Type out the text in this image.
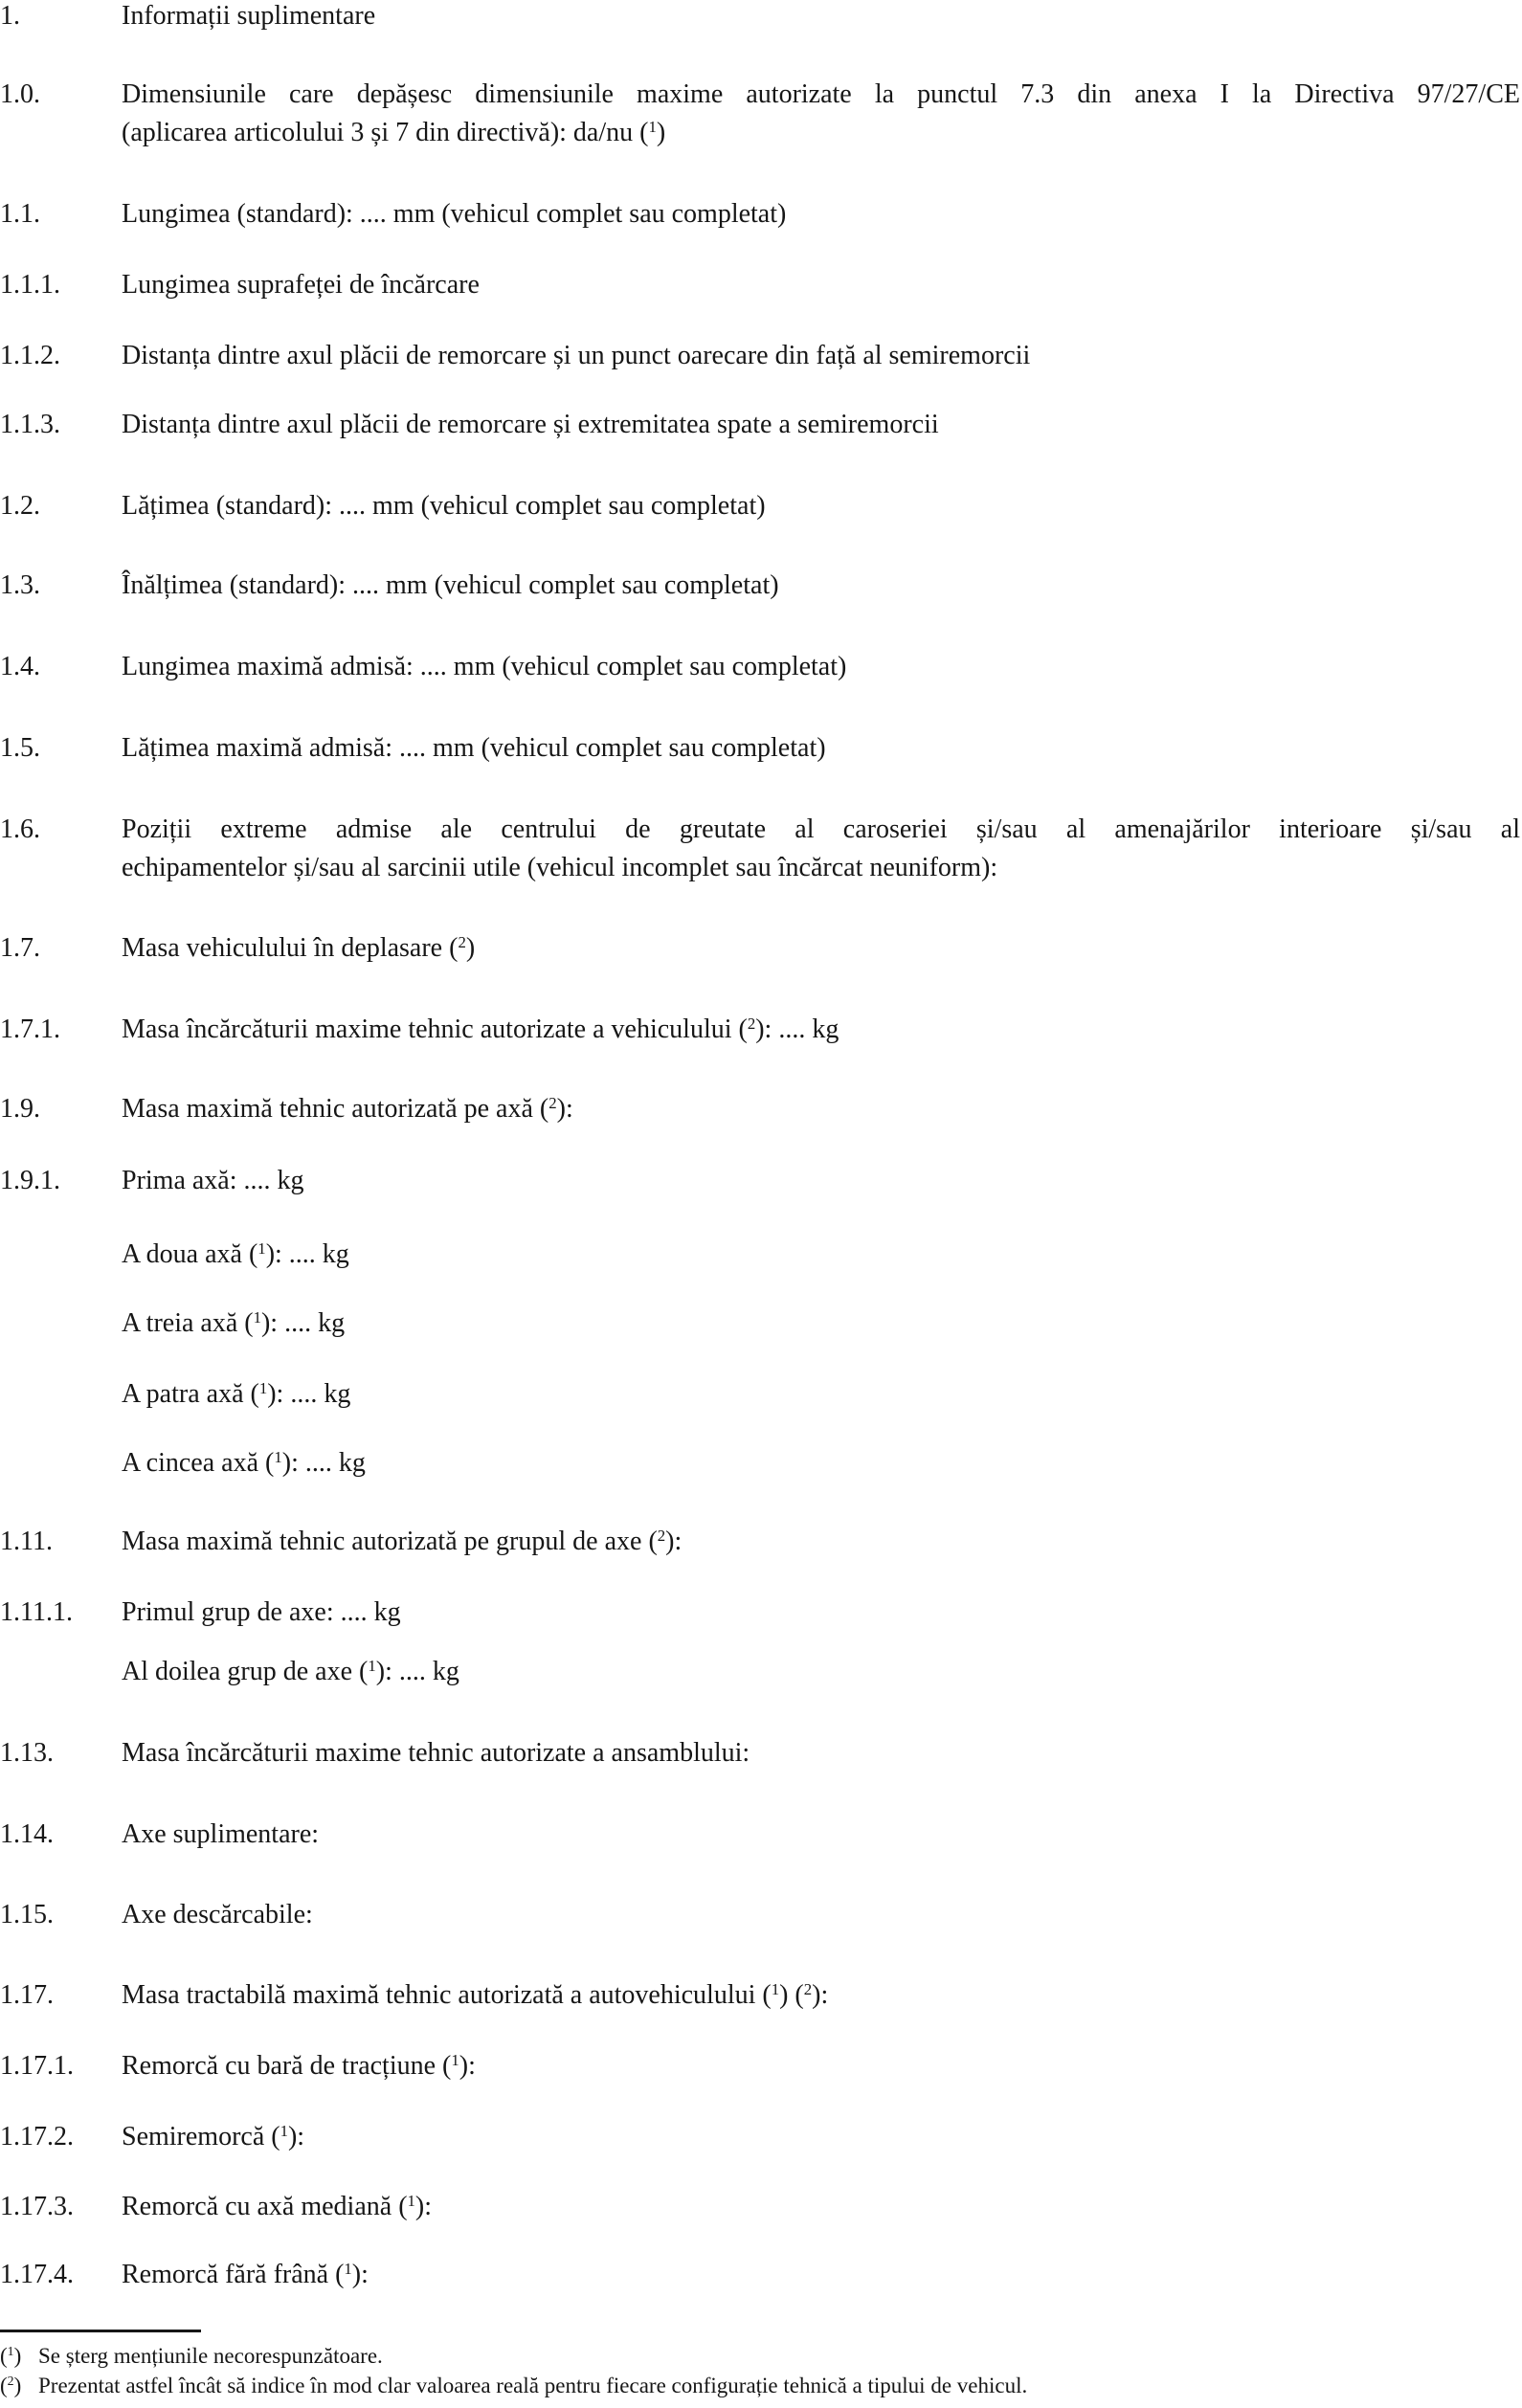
1.	Informații suplimentare
1.0.	Dimensiunile care depășesc dimensiunile maxime autorizate la punctul 7.3 din anexa I la Directiva 97/27/CE
(aplicarea articolului 3 și 7 din directivă): da/nu ($^1$)
1.1.	Lungimea (standard): .... mm (vehicul complet sau completat)
1.1.1. Lungimea suprafeței de încărcare
1.1.2. Distanța dintre axul plăcii de remorcare și un punct oarecare din față al semiremorcii
1.1.3. Distanța dintre axul plăcii de remorcare și extremitatea spate a semiremorcii
1.2.	Lățimea (standard): .... mm (vehicul complet sau completat)
1.3.	Înălțimea (standard): .... mm (vehicul complet sau completat)
1.4.	Lungimea maximă admisă: .... mm (vehicul complet sau completat)
1.5.	Lățimea maximă admisă: .... mm (vehicul complet sau completat)
1.6.	Poziții extreme admise ale centrului de greutate al caroseriei și/sau al amenajărilor interioare și/sau al
echipamentelor și/sau al sarcinii utile (vehicul incomplet sau încărcat neuniform):
1.7.	Masa vehiculului în deplasare ($^2$)
1.7.1. Masa încărcăturii maxime tehnic autorizate a vehiculului ($^2$): .... kg
1.9.	Masa maximă tehnic autorizată pe axă ($^2$):
1.9.1. Prima axă: .... kg
A doua axă ($^1$): .... kg
A treia axă ($^1$): .... kg
A patra axă ($^1$): .... kg
A cincea axă ($^1$): .... kg
1.11.	Masa maximă tehnic autorizată pe grupul de axe ($^2$):
1.11.1. Primul grup de axe: .... kg
Al doilea grup de axe ($^1$): .... kg
1.13.	Masa încărcăturii maxime tehnic autorizate a ansamblului:
1.14.	Axe suplimentare:
1.15.	Axe descărcabile:
1.17.	Masa tractabilă maximă tehnic autorizată a autovehiculului ($^1$) ($^2$):
1.17.1. Remorcă cu bară de tracțiune ($^1$):
1.17.2. Semiremorcă ($^1$):
1.17.3. Remorcă cu axă mediană ($^1$):
1.17.4. Remorcă fără frână ($^1$):
($^1$) Se șterg mențiunile necorespunzătoare.
($^2$) Prezentat astfel încât să indice în mod clar valoarea reală pentru fiecare configurație tehnică a tipului de vehicul.
